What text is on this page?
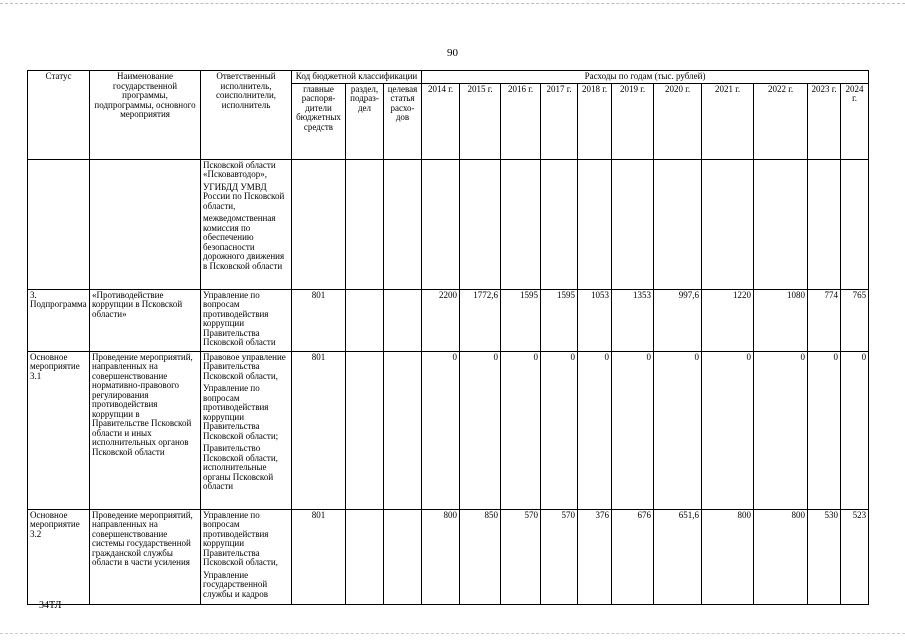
90
Статус	Наименование государственной программы, подпрограммы, основного мероприятия	Ответственный исполнитель, соисполнители, исполнитель	Код бюджетной классификации			Расходы по годам (тыс. рублей)										
			главные распоря-дители бюджетных средств	раздел, подраз-дел	целевая статья расхо-дов	2014 г.	2015 г.	2016 г.	2017 г.	2018 г.	2019 г.	2020 г.	2021 г.	2022 г.	2023 г.	2024 г.

		Псковской области «Псковавтодор»,
УГИБДД УМВД России по Псковской области,
межведомственная комиссия по обеспечению безопасности дорожного движения в Псковской области														

3. Подпрограмма	«Противодействие коррупции в Псковской области»	Управление по вопросам противодействия коррупции Правительства Псковской области	801			2200	1772,6	1595	1595	1053	1353	997,6	1220	1080	774	765
Основное мероприятие 3.1	Проведение мероприятий, направленных на совершенствование нормативно-правового регулирования противодействия коррупции в Правительстве Псковской области и иных исполнительных органов Псковской области	Правовое управление Правительства Псковской области,
Управление по вопросам противодействия коррупции Правительства Псковской области;
Правительство Псковской области, исполнительные органы Псковской области	801			0	0	0	0	0	0	0	0	0	0	0
Основное мероприятие 3.2	Проведение мероприятий, направленных на совершенствование системы государственной гражданской службы области в части усиления	Управление по вопросам противодействия коррупции Правительства Псковской области,
Управление государственной службы и кадров	801			800	850	570	570	376	676	651,6	800	800	530	523
34ТЛ
